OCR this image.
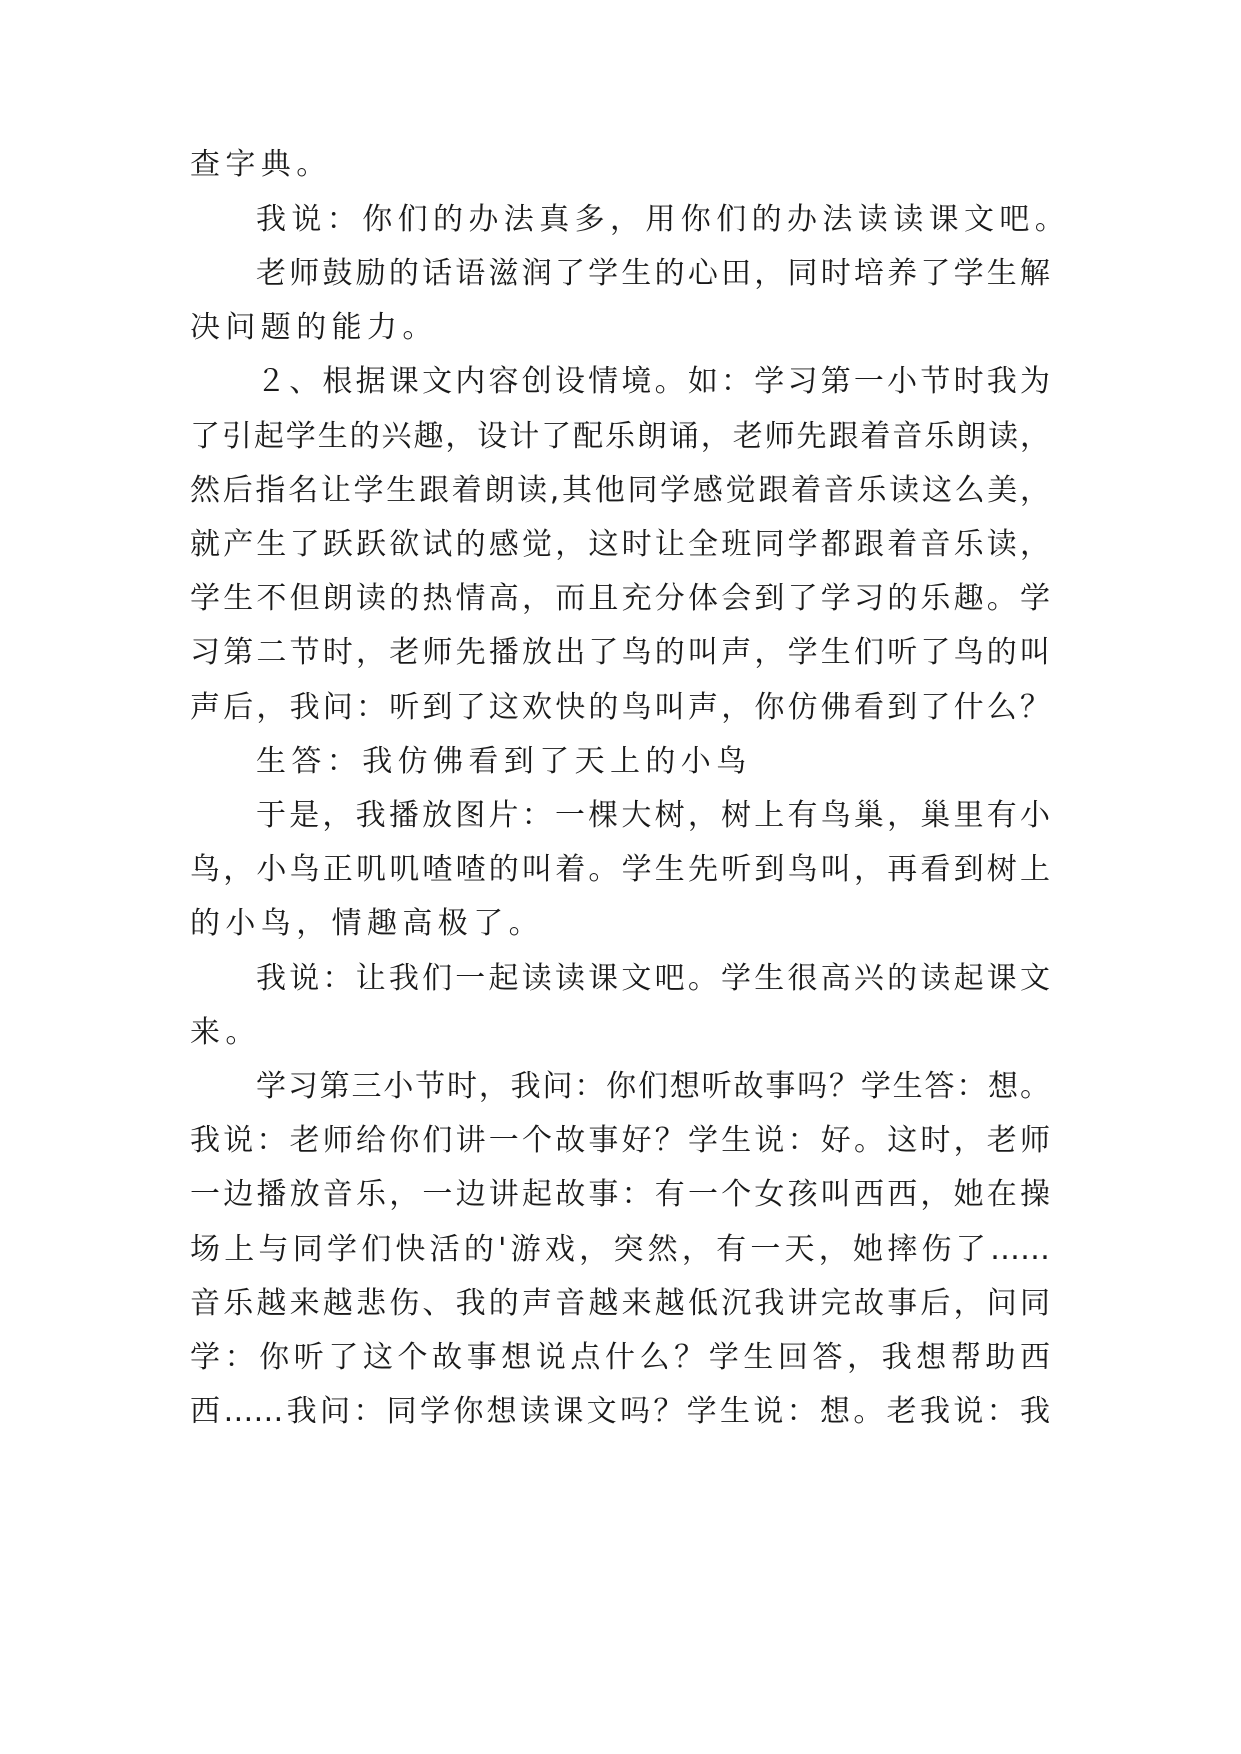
查字典。
我说：你们的办法真多，用你们的办法读读课文吧。
老师鼓励的话语滋润了学生的心田，同时培养了学生解
决问题的能力。
２、根据课文内容创设情境。如：学习第一小节时我为
了引起学生的兴趣，设计了配乐朗诵，老师先跟着音乐朗读，
然后指名让学生跟着朗读,其他同学感觉跟着音乐读这么美，
就产生了跃跃欲试的感觉，这时让全班同学都跟着音乐读，
学生不但朗读的热情高，而且充分体会到了学习的乐趣。学
习第二节时，老师先播放出了鸟的叫声，学生们听了鸟的叫
声后，我问：听到了这欢快的鸟叫声，你仿佛看到了什么？
生答：我仿佛看到了天上的小鸟
于是，我播放图片：一棵大树，树上有鸟巢，巢里有小
鸟，小鸟正叽叽喳喳的叫着。学生先听到鸟叫，再看到树上
的小鸟，情趣高极了。
我说：让我们一起读读课文吧。学生很高兴的读起课文
来。
学习第三小节时，我问：你们想听故事吗？学生答：想。
我说：老师给你们讲一个故事好？学生说：好。这时，老师
一边播放音乐，一边讲起故事：有一个女孩叫西西，她在操
场上与同学们快活的'游戏，突然，有一天，她摔伤了……
音乐越来越悲伤、我的声音越来越低沉我讲完故事后，问同
学：你听了这个故事想说点什么？学生回答，我想帮助西
西……我问：同学你想读课文吗？学生说：想。老我说：我
